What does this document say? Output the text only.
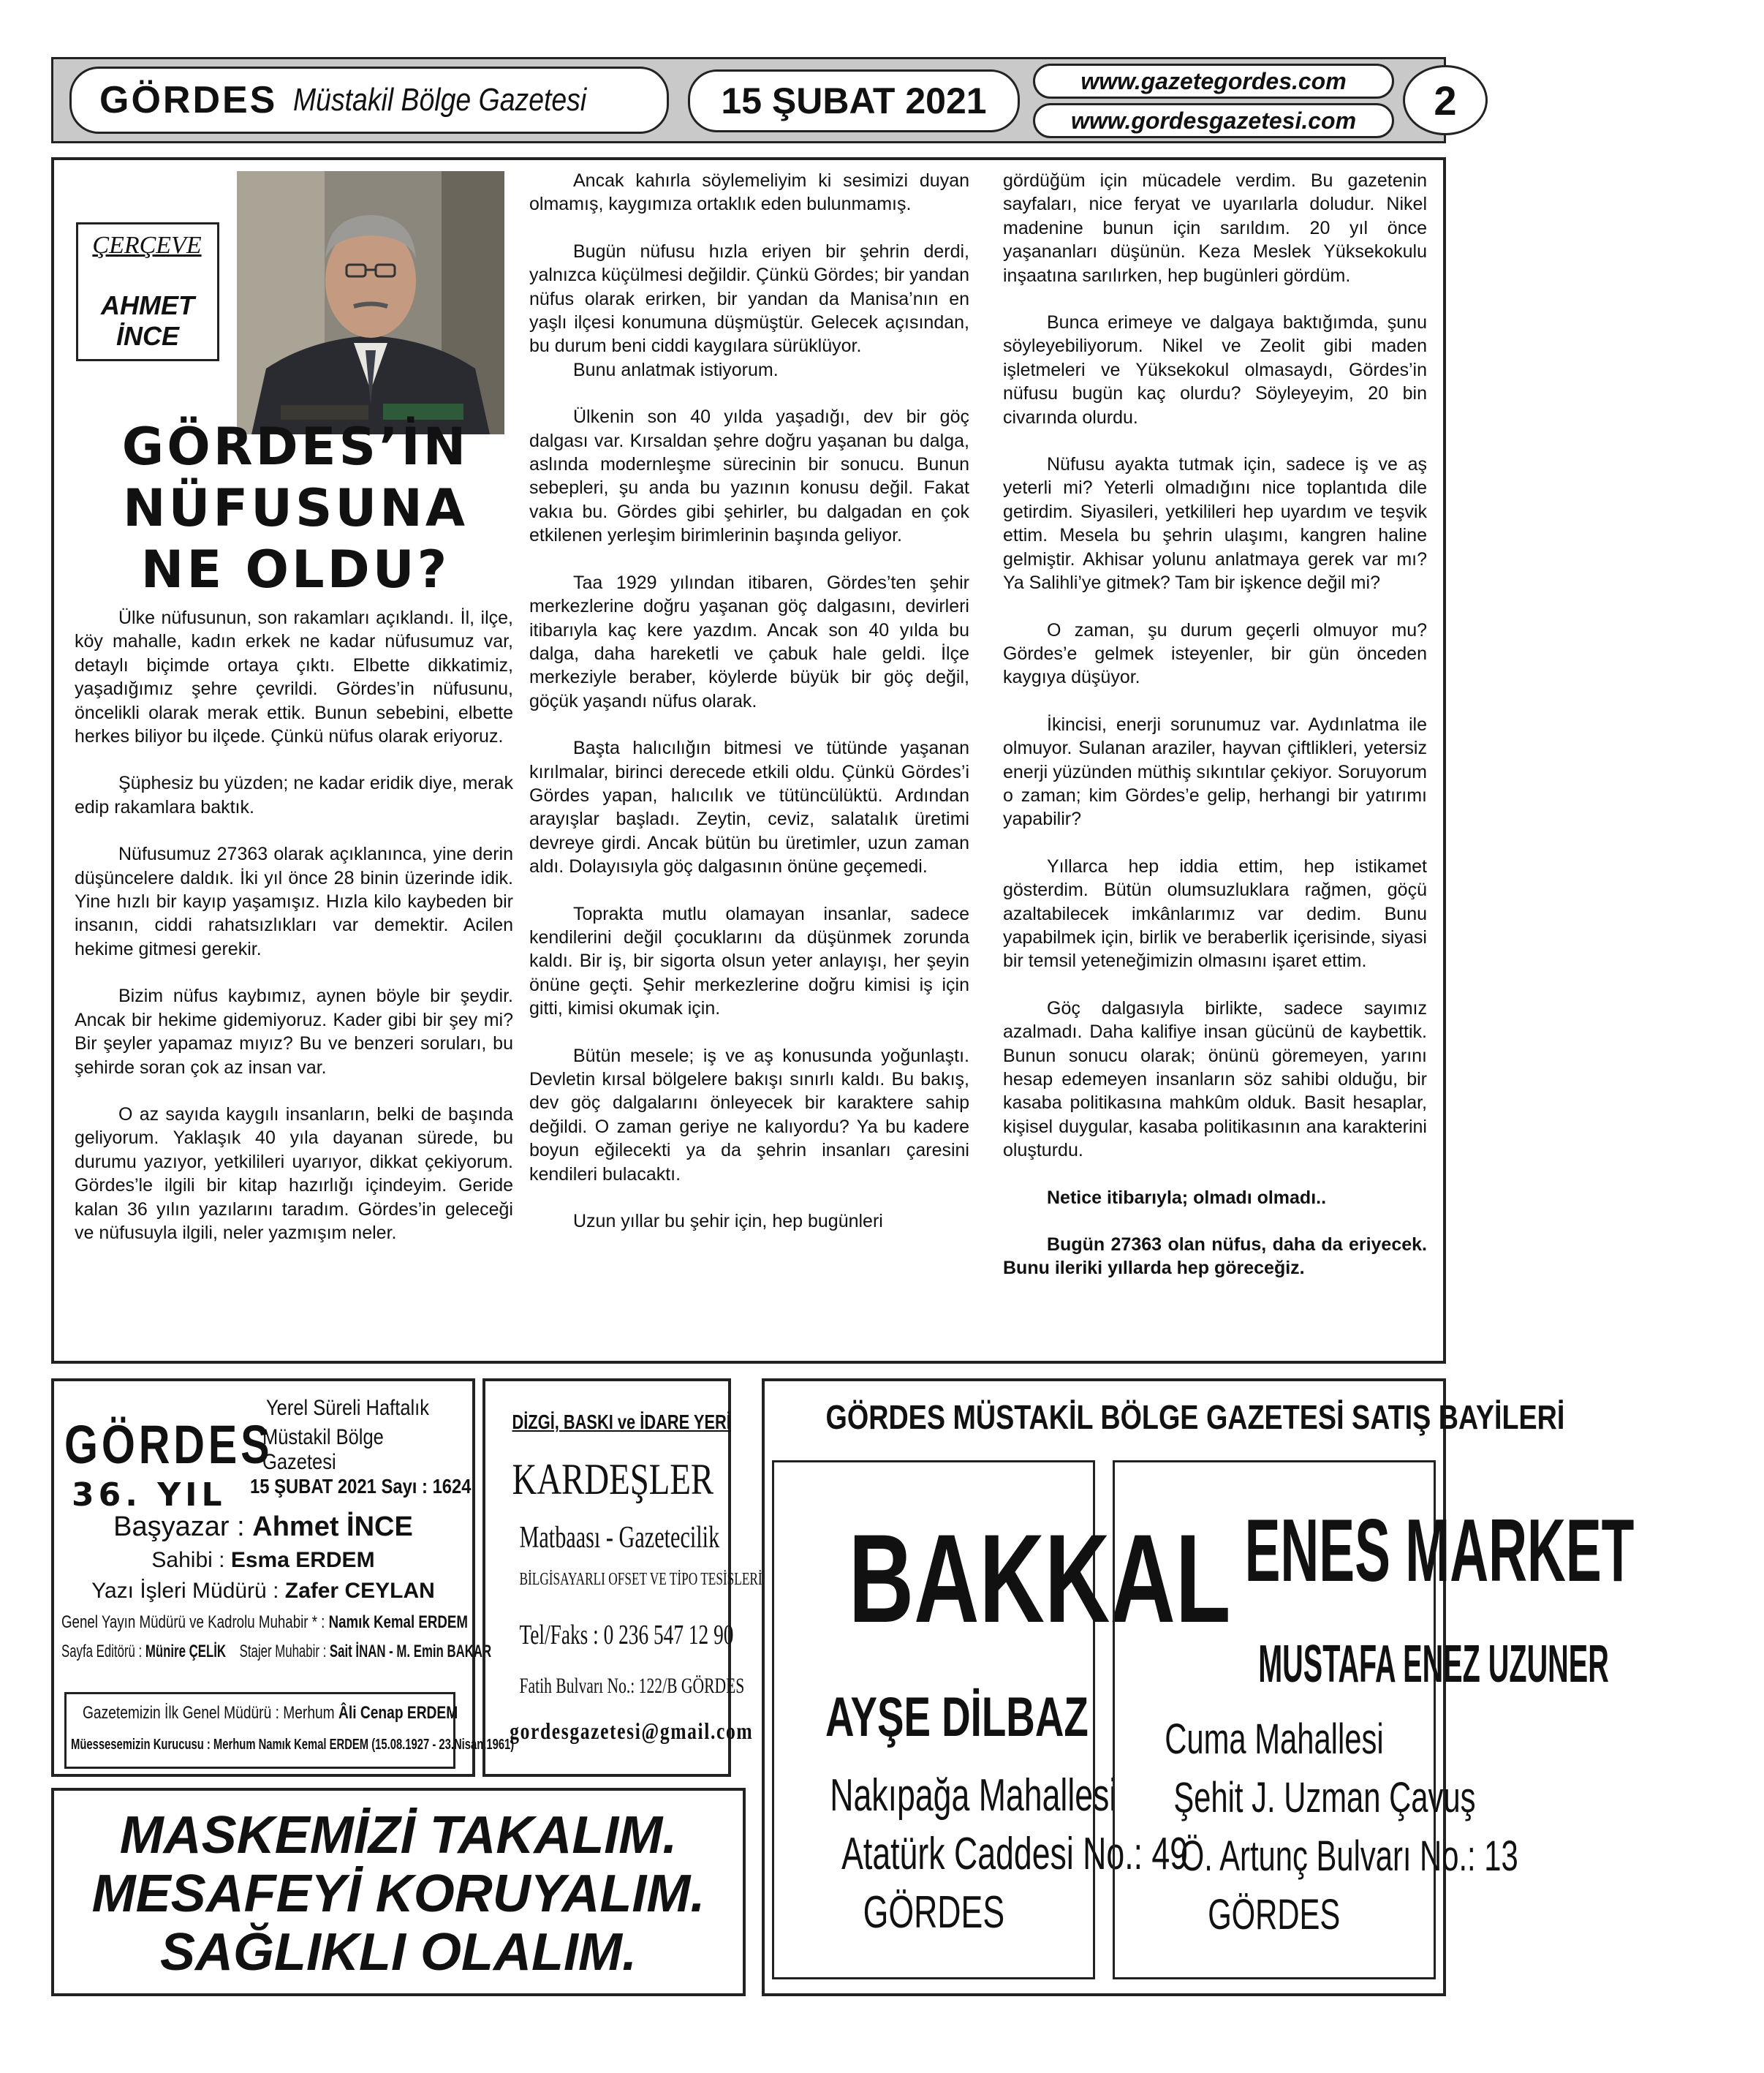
GÖRDES Müstakil Bölge Gazetesi	15 ŞUBAT 2021	www.gazetegordes.com
www.gordesgazetesi.com	2
ÇERÇEVE
AHMET
İNCE
GÖRDES’İN
NÜFUSUNA
NE OLDU?

Ülke nüfusunun, son rakamları açıklandı. İl, ilçe, köy mahalle, kadın erkek ne kadar nüfusumuz var, detaylı biçimde ortaya çıktı. Elbette dikkatimiz, yaşadığımız şehre çevrildi. Gördes’in nüfusunu, öncelikli olarak merak ettik. Bunun sebebini, elbette herkes biliyor bu ilçede. Çünkü nüfus olarak eriyoruz.

Şüphesiz bu yüzden; ne kadar eridik diye, merak edip rakamlara baktık.

Nüfusumuz 27363 olarak açıklanınca, yine derin düşüncelere daldık. İki yıl önce 28 binin üzerinde idik. Yine hızlı bir kayıp yaşamışız. Hızla kilo kaybeden bir insanın, ciddi rahatsızlıkları var demektir. Acilen hekime gitmesi gerekir.

Bizim nüfus kaybımız, aynen böyle bir şeydir. Ancak bir hekime gidemiyoruz. Kader gibi bir şey mi? Bir şeyler yapamaz mıyız? Bu ve benzeri soruları, bu şehirde soran çok az insan var.

O az sayıda kaygılı insanların, belki de başında geliyorum. Yaklaşık 40 yıla dayanan sürede, bu durumu yazıyor, yetkilileri uyarıyor, dikkat çekiyorum. Gördes’le ilgili bir kitap hazırlığı içindeyim. Geride kalan 36 yılın yazılarını taradım. Gördes’in geleceği ve nüfusuyla ilgili, neler yazmışım neler.

Ancak kahırla söylemeliyim ki sesimizi duyan olmamış, kaygımıza ortaklık eden bulunmamış.

Bugün nüfusu hızla eriyen bir şehrin derdi, yalnızca küçülmesi değildir. Çünkü Gördes; bir yandan nüfus olarak erirken, bir yandan da Manisa’nın en yaşlı ilçesi konumuna düşmüştür. Gelecek açısından, bu durum beni ciddi kaygılara sürüklüyor.

Bunu anlatmak istiyorum.

Ülkenin son 40 yılda yaşadığı, dev bir göç dalgası var. Kırsaldan şehre doğru yaşanan bu dalga, aslında modernleşme sürecinin bir sonucu. Bunun sebepleri, şu anda bu yazının konusu değil. Fakat vakıa bu. Gördes gibi şehirler, bu dalgadan en çok etkilenen yerleşim birimlerinin başında geliyor.

Taa 1929 yılından itibaren, Gördes’ten şehir merkezlerine doğru yaşanan göç dalgasını, devirleri itibarıyla kaç kere yazdım. Ancak son 40 yılda bu dalga, daha hareketli ve çabuk hale geldi. İlçe merkeziyle beraber, köylerde büyük bir göç değil, göçük yaşandı nüfus olarak.

Başta halıcılığın bitmesi ve tütünde yaşanan kırılmalar, birinci derecede etkili oldu. Çünkü Gördes’i Gördes yapan, halıcılık ve tütüncülüktü. Ardından arayışlar başladı. Zeytin, ceviz, salatalık üretimi devreye girdi. Ancak bütün bu üretimler, uzun zaman aldı. Dolayısıyla göç dalgasının önüne geçemedi.

Toprakta mutlu olamayan insanlar, sadece kendilerini değil çocuklarını da düşünmek zorunda kaldı. Bir iş, bir sigorta olsun yeter anlayışı, her şeyin önüne geçti. Şehir merkezlerine doğru kimisi iş için gitti, kimisi okumak için.

Bütün mesele; iş ve aş konusunda yoğunlaştı. Devletin kırsal bölgelere bakışı sınırlı kaldı. Bu bakış, dev göç dalgalarını önleyecek bir karaktere sahip değildi. O zaman geriye ne kalıyordu? Ya bu kadere boyun eğilecekti ya da şehrin insanları çaresini kendileri bulacaktı.

Uzun yıllar bu şehir için, hep bugünleri

gördüğüm için mücadele verdim. Bu gazetenin sayfaları, nice feryat ve uyarılarla doludur. Nikel madenine bunun için sarıldım. 20 yıl önce yaşananları düşünün. Keza Meslek Yüksekokulu inşaatına sarılırken, hep bugünleri gördüm.

Bunca erimeye ve dalgaya baktığımda, şunu söyleyebiliyorum. Nikel ve Zeolit gibi maden işletmeleri ve Yüksekokul olmasaydı, Gördes’in nüfusu bugün kaç olurdu? Söyleyeyim, 20 bin civarında olurdu.

Nüfusu ayakta tutmak için, sadece iş ve aş yeterli mi? Yeterli olmadığını nice toplantıda dile getirdim. Siyasileri, yetkilileri hep uyardım ve teşvik ettim. Mesela bu şehrin ulaşımı, kangren haline gelmiştir. Akhisar yolunu anlatmaya gerek var mı? Ya Salihli’ye gitmek? Tam bir işkence değil mi?

O zaman, şu durum geçerli olmuyor mu? Gördes’e gelmek isteyenler, bir gün önceden kaygıya düşüyor.

İkincisi, enerji sorunumuz var. Aydınlatma ile olmuyor. Sulanan araziler, hayvan çiftlikleri, yetersiz enerji yüzünden müthiş sıkıntılar çekiyor. Soruyorum o zaman; kim Gördes’e gelip, herhangi bir yatırımı yapabilir?

Yıllarca hep iddia ettim, hep istikamet gösterdim. Bütün olumsuzluklara rağmen, göçü azaltabilecek imkânlarımız var dedim. Bunu yapabilmek için, birlik ve beraberlik içerisinde, siyasi bir temsil yeteneğimizin olmasını işaret ettim.

Göç dalgasıyla birlikte, sadece sayımız azalmadı. Daha kalifiye insan gücünü de kaybettik. Bunun sonucu olarak; önünü göremeyen, yarını hesap edemeyen insanların söz sahibi olduğu, bir kasaba politikasına mahkûm olduk. Basit hesaplar, kişisel duygular, kasaba politikasının ana karakterini oluşturdu.

Netice itibarıyla; olmadı olmadı..

Bugün 27363 olan nüfus, daha da eriyecek. Bunu ileriki yıllarda hep göreceğiz.

GÖRDES
Yerel Süreli Haftalık
Müstakil Bölge Gazetesi
36. YIL 15 ŞUBAT 2021 Sayı : 1624
Başyazar : Ahmet İNCE
Sahibi : Esma ERDEM
Yazı İşleri Müdürü : Zafer CEYLAN
Genel Yayın Müdürü ve Kadrolu Muhabir * : Namık Kemal ERDEM
Sayfa Editörü : Münire ÇELİK Stajer Muhabir : Sait İNAN - M. Emin BAKAR
Gazetemizin İlk Genel Müdürü : Merhum Âli Cenap ERDEM
Müessesemizin Kurucusu : Merhum Namık Kemal ERDEM (15.08.1927 - 23.Nisan.1961)
DİZGİ, BASKI ve İDARE YERİ
KARDEŞLER
Matbaası - Gazetecilik
BİLGİSAYARLI OFSET VE TİPO TESİSLERİ
Tel/Faks : 0 236 547 12 90
Fatih Bulvarı No.: 122/B GÖRDES
gordesgazetesi@gmail.com
GÖRDES MÜSTAKİL BÖLGE GAZETESİ SATIŞ BAYİLERİ
BAKKAL
AYŞE DİLBAZ
Nakıpağa Mahallesi
Atatürk Caddesi No.: 49
GÖRDES
ENES MARKET
MUSTAFA ENEZ UZUNER
Cuma Mahallesi
Şehit J. Uzman Çavuş
Ö. Artunç Bulvarı No.: 13
GÖRDES
MASKEMİZİ TAKALIM.
MESAFEYİ KORUYALIM.
SAĞLIKLI OLALIM.
